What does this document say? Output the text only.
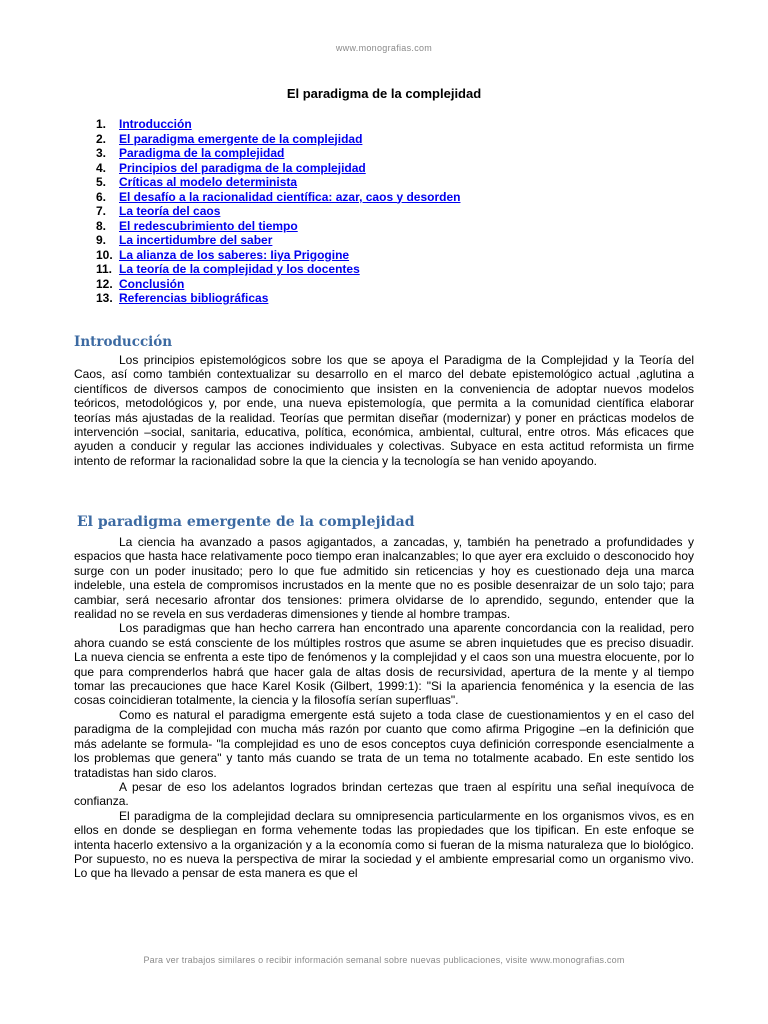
www.monografias.com
El paradigma de la complejidad
1. Introducción
2. El paradigma emergente de la complejidad
3. Paradigma de la complejidad
4. Principios del paradigma de la complejidad
5. Críticas al modelo determinista
6. El desafío a la racionalidad científica: azar, caos y desorden
7. La teoría del caos
8. El redescubrimiento del tiempo
9. La incertidumbre del saber
10. La alianza de los saberes: Iiya Prigogine
11. La teoría de la complejidad y los docentes
12. Conclusión
13. Referencias bibliográficas
Introducción

Los principios epistemológicos sobre los que se apoya el Paradigma de la Complejidad y la Teoría del Caos, así como también contextualizar su desarrollo en el marco del debate epistemológico actual ,aglutina a científicos de diversos campos de conocimiento que insisten en la conveniencia de adoptar nuevos modelos teóricos, metodológicos y, por ende, una nueva epistemología, que permita a la comunidad científica elaborar teorías más ajustadas de la realidad. Teorías que permitan diseñar (modernizar) y poner en prácticas modelos de intervención –social, sanitaria, educativa, política, económica, ambiental, cultural, entre otros. Más eficaces que ayuden a conducir y regular las acciones individuales y colectivas. Subyace en esta actitud reformista un firme intento de reformar la racionalidad sobre la que la ciencia y la tecnología se han venido apoyando.

El paradigma emergente de la complejidad

La ciencia ha avanzado a pasos agigantados, a zancadas, y, también ha penetrado a profundidades y espacios que hasta hace relativamente poco tiempo eran inalcanzables; lo que ayer era excluido o desconocido hoy surge con un poder inusitado; pero lo que fue admitido sin reticencias y hoy es cuestionado deja una marca indeleble, una estela de compromisos incrustados en la mente que no es posible desenraizar de un solo tajo; para cambiar, será necesario afrontar dos tensiones: primera olvidarse de lo aprendido, segundo, entender que la realidad no se revela en sus verdaderas dimensiones y tiende al hombre trampas.

Los paradigmas que han hecho carrera han encontrado una aparente concordancia con la realidad, pero ahora cuando se está consciente de los múltiples rostros que asume se abren inquietudes que es preciso disuadir. La nueva ciencia se enfrenta a este tipo de fenómenos y la complejidad y el caos son una muestra elocuente, por lo que para comprenderlos habrá que hacer gala de altas dosis de recursividad, apertura de la mente y al tiempo tomar las precauciones que hace Karel Kosik (Gilbert, 1999:1): "Si la apariencia fenoménica y la esencia de las cosas coincidieran totalmente, la ciencia y la filosofía serían superfluas".

Como es natural el paradigma emergente está sujeto a toda clase de cuestionamientos y en el caso del paradigma de la complejidad con mucha más razón por cuanto que como afirma Prigogine –en la definición que más adelante se formula- "la complejidad es uno de esos conceptos cuya definición corresponde esencialmente a los problemas que genera" y tanto más cuando se trata de un tema no totalmente acabado. En este sentido los tratadistas han sido claros.

A pesar de eso los adelantos logrados brindan certezas que traen al espíritu una señal inequívoca de confianza.

El paradigma de la complejidad declara su omnipresencia particularmente en los organismos vivos, es en ellos en donde se despliegan en forma vehemente todas las propiedades que los tipifican. En este enfoque se intenta hacerlo extensivo a la organización y a la economía como si fueran de la misma naturaleza que lo biológico. Por supuesto, no es nueva la perspectiva de mirar la sociedad y el ambiente empresarial como un organismo vivo. Lo que ha llevado a pensar de esta manera es que el

Para ver trabajos similares o recibir información semanal sobre nuevas publicaciones, visite www.monografias.com
